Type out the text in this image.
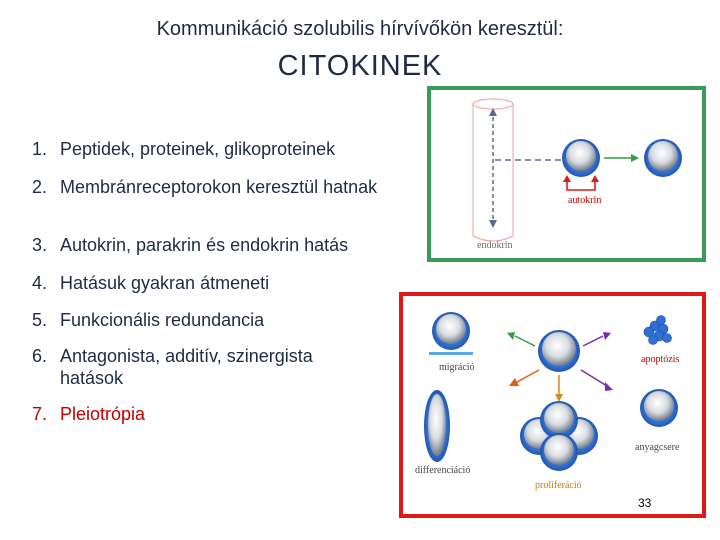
Kommunikáció szolubilis hírvívőkön keresztül:
CITOKINEK
1. Peptidek, proteinek, glikoproteinek
2. Membránreceptorokon keresztül hatnak
3. Autokrin, parakrin és endokrin hatás
4. Hatásuk gyakran átmeneti
5. Funkcionális redundancia
6. Antagonista, additív, szinergista hatások
7. Pleiotrópia
autokrin
endokrin
migráció
apoptózis
anyagcsere
differenciáció
proliferáció
33
